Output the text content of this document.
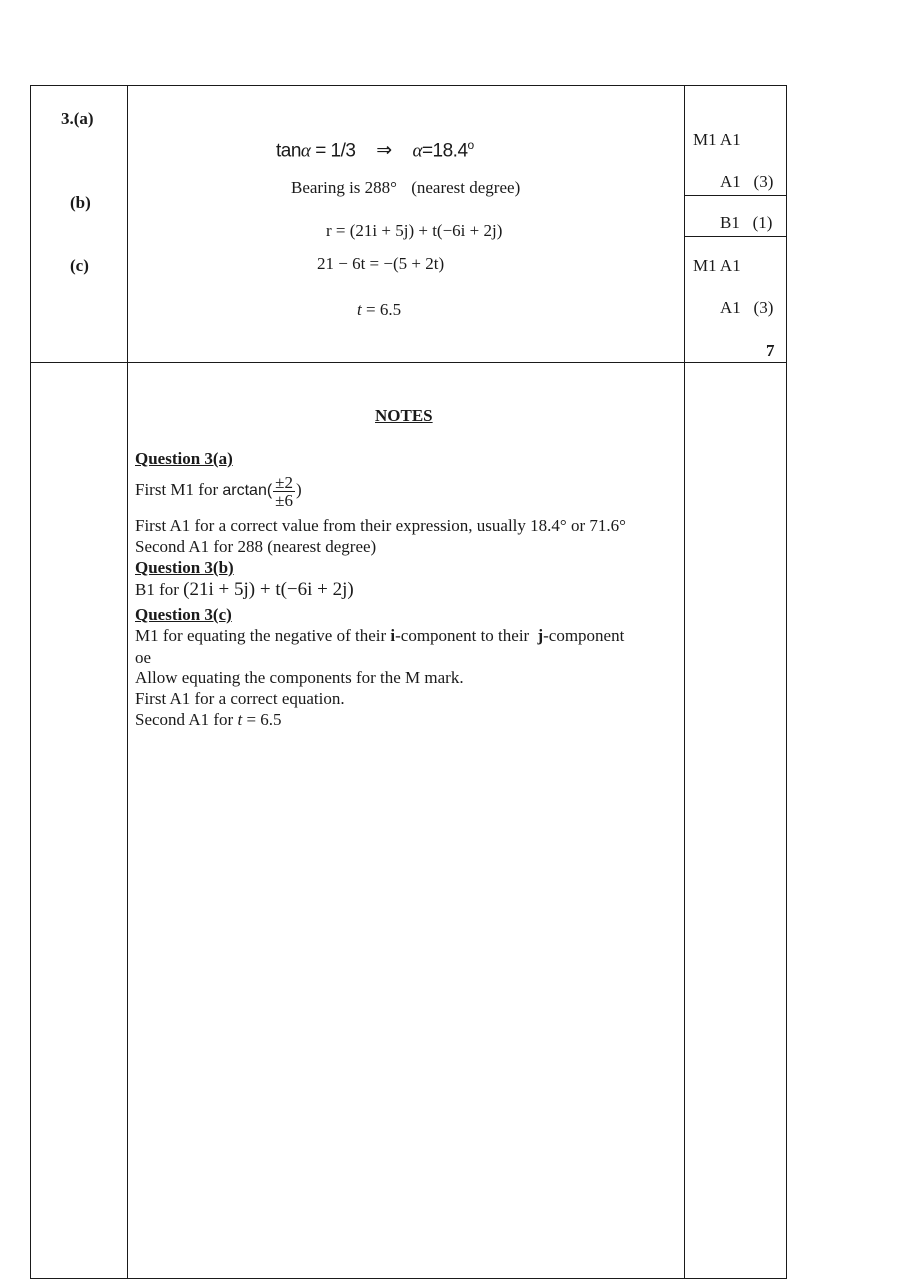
3.(a)
(b)
(c)
tanα = 1/3 ⇒ $\alpha=18.4^o$
Bearing is 288° (nearest degree)
r = (21i + 5j) + t(−6i + 2j)
21 − 6t = −(5 + 2t)
t = 6.5
M1 A1
A1   (3)
B1   (1)
M1 A1
A1   (3)
7
NOTES
Question 3(a)
First M1 for $\arctan( \frac{\pm 2}{\pm 6}$ )
First A1 for a correct value from their expression, usually 18.4° or 71.6°
Second A1 for 288 (nearest degree)
Question 3(b)
B1 for (21i + 5j) + t(−6i + 2j)
Question 3(c)
M1 for equating the negative of their i-component to their j-component
oe
Allow equating the components for the M mark.
First A1 for a correct equation.
Second A1 for t = 6.5
